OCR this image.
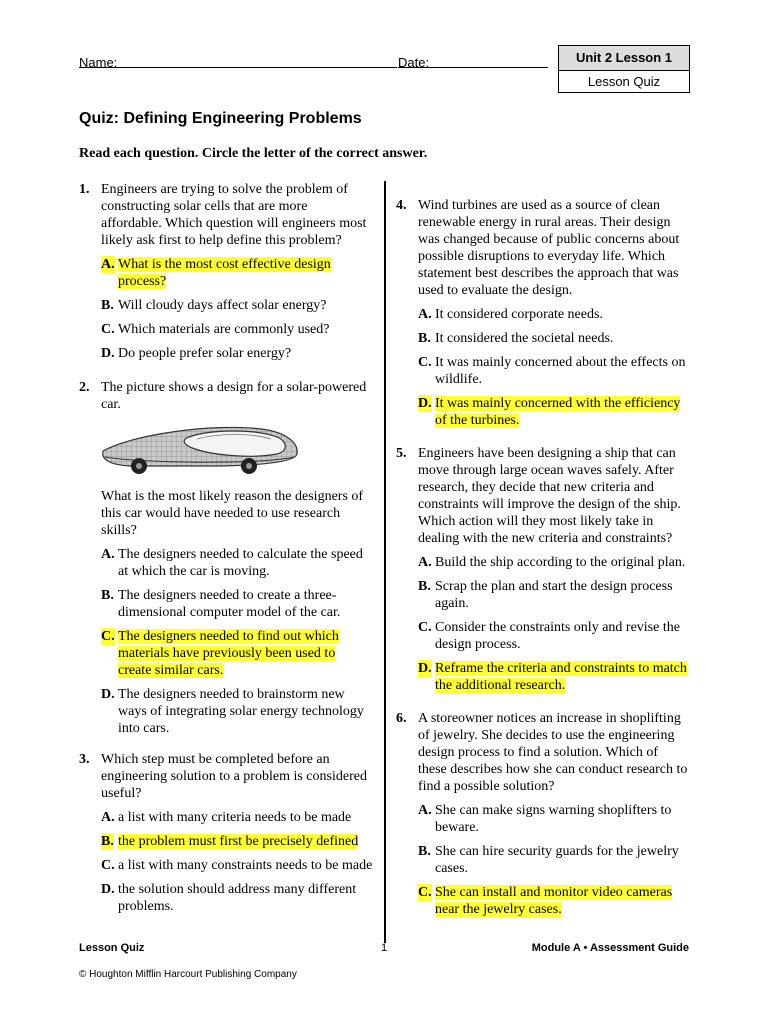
Name:	Date:	Unit 2 Lesson 1
Lesson Quiz
Quiz: Defining Engineering Problems
Read each question. Circle the letter of the correct answer.
1. Engineers are trying to solve the problem of constructing solar cells that are more affordable. Which question will engineers most likely ask first to help define this problem?
A. What is the most cost effective design process?
B. Will cloudy days affect solar energy?
C. Which materials are commonly used?
D. Do people prefer solar energy?
2. The picture shows a design for a solar-powered car.
What is the most likely reason the designers of this car would have needed to use research skills?
A. The designers needed to calculate the speed at which the car is moving.
B. The designers needed to create a three-dimensional computer model of the car.
C. The designers needed to find out which materials have previously been used to create similar cars.
D. The designers needed to brainstorm new ways of integrating solar energy technology into cars.
3. Which step must be completed before an engineering solution to a problem is considered useful?
A. a list with many criteria needs to be made
B. the problem must first be precisely defined
C. a list with many constraints needs to be made
D. the solution should address many different problems.
4. Wind turbines are used as a source of clean renewable energy in rural areas. Their design was changed because of public concerns about possible disruptions to everyday life. Which statement best describes the approach that was used to evaluate the design.
A. It considered corporate needs.
B. It considered the societal needs.
C. It was mainly concerned about the effects on wildlife.
D. It was mainly concerned with the efficiency of the turbines.
5. Engineers have been designing a ship that can move through large ocean waves safely. After research, they decide that new criteria and constraints will improve the design of the ship. Which action will they most likely take in dealing with the new criteria and constraints?
A. Build the ship according to the original plan.
B. Scrap the plan and start the design process again.
C. Consider the constraints only and revise the design process.
D. Reframe the criteria and constraints to match the additional research.
6. A storeowner notices an increase in shoplifting of jewelry. She decides to use the engineering design process to find a solution. Which of these describes how she can conduct research to find a possible solution?
A. She can make signs warning shoplifters to beware.
B. She can hire security guards for the jewelry cases.
C. She can install and monitor video cameras near the jewelry cases.
Lesson Quiz	1	Module A • Assessment Guide
© Houghton Mifflin Harcourt Publishing Company
